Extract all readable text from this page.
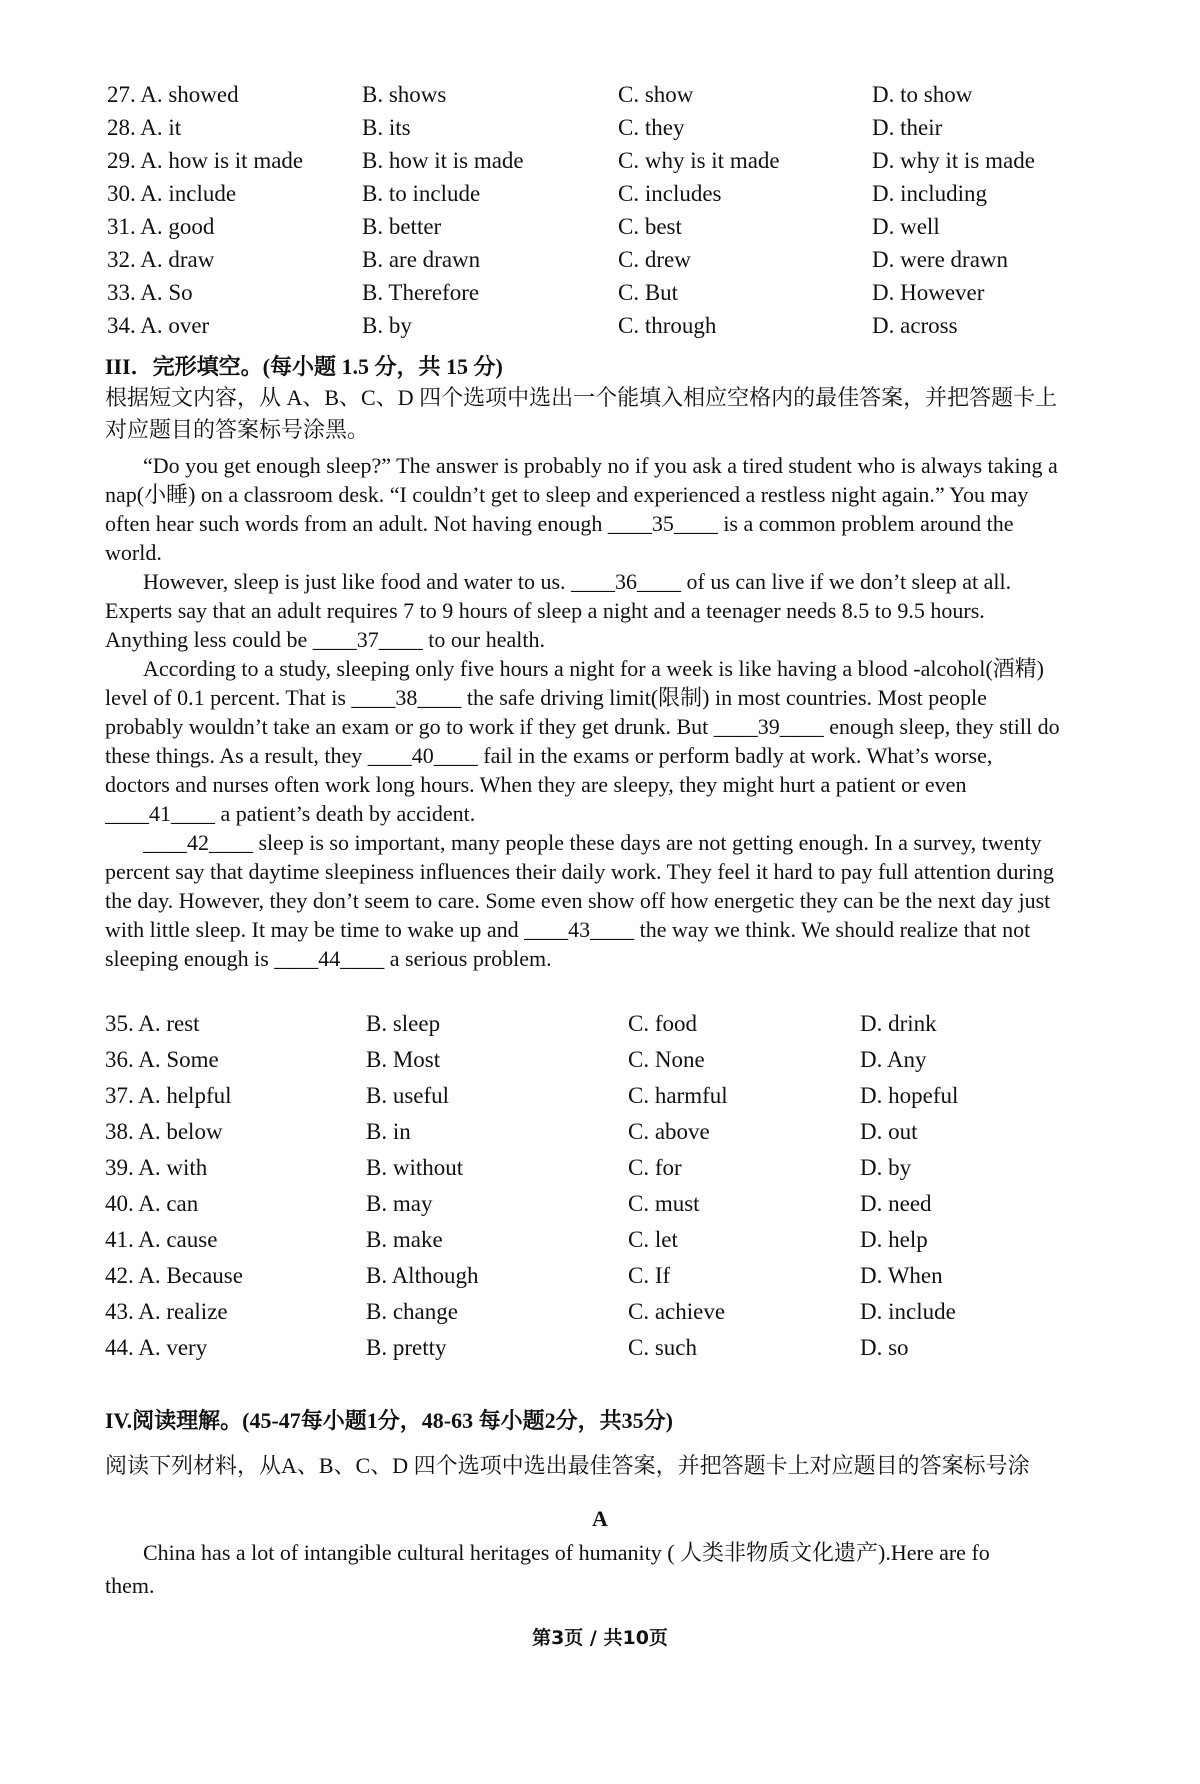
27. A. showed	B. shows	C. show	D. to show
28. A. it	B. its	C. they	D. their
29. A. how is it made	B. how it is made	C. why is it made	D. why it is made
30. A. include	B. to include	C. includes	D. including
31. A. good	B. better	C. best	D. well
32. A. draw	B. are drawn	C. drew	D. were drawn
33. A. So	B. Therefore	C. But	D. However
34. A. over	B. by	C. through	D. across
III．完形填空。(每小题 1.5 分，共 15 分)
根据短文内容，从 A、B、C、D 四个选项中选出一个能填入相应空格内的最佳答案，并把答题卡上
对应题目的答案标号涂黑。

“Do you get enough sleep?” The answer is probably no if you ask a tired student who is always taking a

nap(小睡) on a classroom desk. “I couldn’t get to sleep and experienced a restless night again.” You may

often hear such words from an adult. Not having enough ____35____ is a common problem around the

world.

However, sleep is just like food and water to us. ____36____ of us can live if we don’t sleep at all.

Experts say that an adult requires 7 to 9 hours of sleep a night and a teenager needs 8.5 to 9.5 hours.

Anything less could be ____37____ to our health.

According to a study, sleeping only five hours a night for a week is like having a blood -alcohol(酒精)

level of 0.1 percent. That is ____38____ the safe driving limit(限制) in most countries. Most people

probably wouldn’t take an exam or go to work if they get drunk. But ____39____ enough sleep, they still do

these things. As a result, they ____40____ fail in the exams or perform badly at work. What’s worse,

doctors and nurses often work long hours. When they are sleepy, they might hurt a patient or even

____41____ a patient’s death by accident.

____42____ sleep is so important, many people these days are not getting enough. In a survey, twenty

percent say that daytime sleepiness influences their daily work. They feel it hard to pay full attention during

the day. However, they don’t seem to care. Some even show off how energetic they can be the next day just

with little sleep. It may be time to wake up and ____43____ the way we think. We should realize that not

sleeping enough is ____44____ a serious problem.

35. A. rest	B. sleep	C. food	D. drink
36. A. Some	B. Most	C. None	D. Any
37. A. helpful	B. useful	C. harmful	D. hopeful
38. A. below	B. in	C. above	D. out
39. A. with	B. without	C. for	D. by
40. A. can	B. may	C. must	D. need
41. A. cause	B. make	C. let	D. help
42. A. Because	B. Although	C. If	D. When
43. A. realize	B. change	C. achieve	D. include
44. A. very	B. pretty	C. such	D. so
IV.阅读理解。(45-47每小题1分，48-63 每小题2分，共35分)
阅读下列材料，从A、B、C、D 四个选项中选出最佳答案，并把答题卡上对应题目的答案标号涂
A

China has a lot of intangible cultural heritages of humanity ( 人类非物质文化遗产).Here are fo

them.

第3页 / 共10页
